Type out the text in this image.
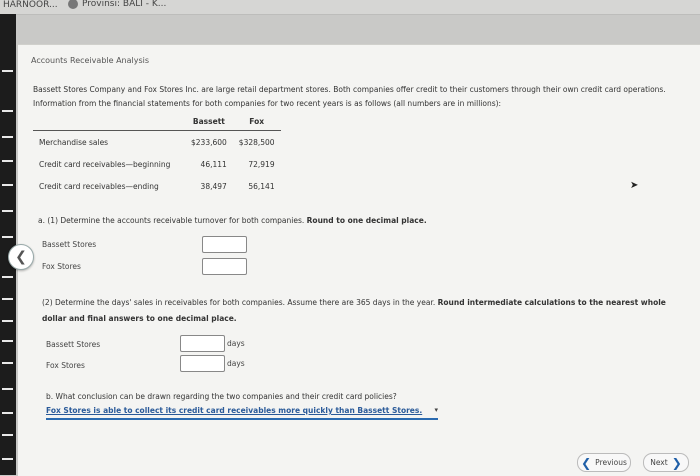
HARNOOR...	Provinsi: BALI - K...
❮
Accounts Receivable Analysis
Bassett Stores Company and Fox Stores Inc. are large retail department stores. Both companies offer credit to their customers through their own credit card operations.
Information from the financial statements for both companies for two recent years is as follows (all numbers are in millions):
	Bassett	Fox
Merchandise sales	$233,600	$328,500
Credit card receivables—beginning	46,111	72,919
Credit card receivables—ending	38,497	56,141	➤
a. (1) Determine the accounts receivable turnover for both companies. Round to one decimal place.
Bassett Stores
Fox Stores
(2) Determine the days' sales in receivables for both companies. Assume there are 365 days in the year. Round intermediate calculations to the nearest whole
dollar and final answers to one decimal place.
Bassett Stores	days
Fox Stores	days
b. What conclusion can be drawn regarding the two companies and their credit card policies?
Fox Stores is able to collect its credit card receivables more quickly than Bassett Stores. ▾
❮ Previous	Next ❯
